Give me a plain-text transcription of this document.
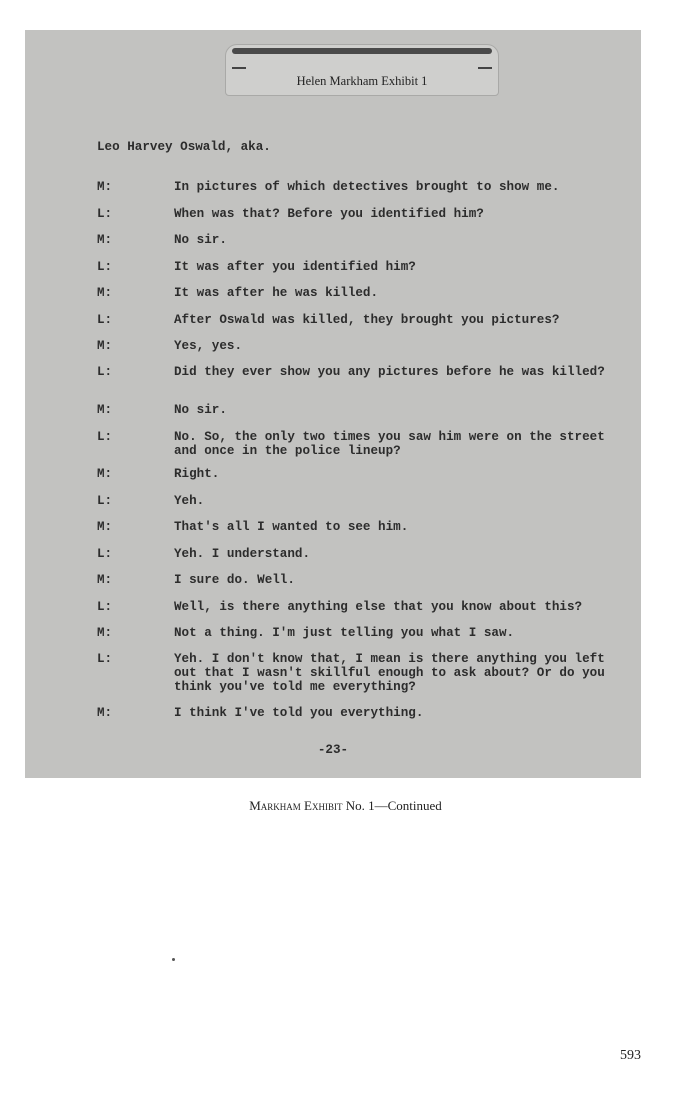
Helen Markham Exhibit 1
Leo Harvey Oswald, aka.
M:	In pictures of which detectives brought to show me.
L:	When was that? Before you identified him?
M:	No sir.
L:	It was after you identified him?
M:	It was after he was killed.
L:	After Oswald was killed, they brought you pictures?
M:	Yes, yes.
L:	Did they ever show you any pictures before he was killed?
M:	No sir.
L:	No. So, the only two times you saw him were on the street and once in the police lineup?
M:	Right.
L:	Yeh.
M:	That's all I wanted to see him.
L:	Yeh. I understand.
M:	I sure do. Well.
L:	Well, is there anything else that you know about this?
M:	Not a thing. I'm just telling you what I saw.
L:	Yeh. I don't know that, I mean is there anything you left out that I wasn't skillful enough to ask about? Or do you think you've told me everything?
M:	I think I've told you everything.
-23-
Markham Exhibit No. 1—Continued
593
